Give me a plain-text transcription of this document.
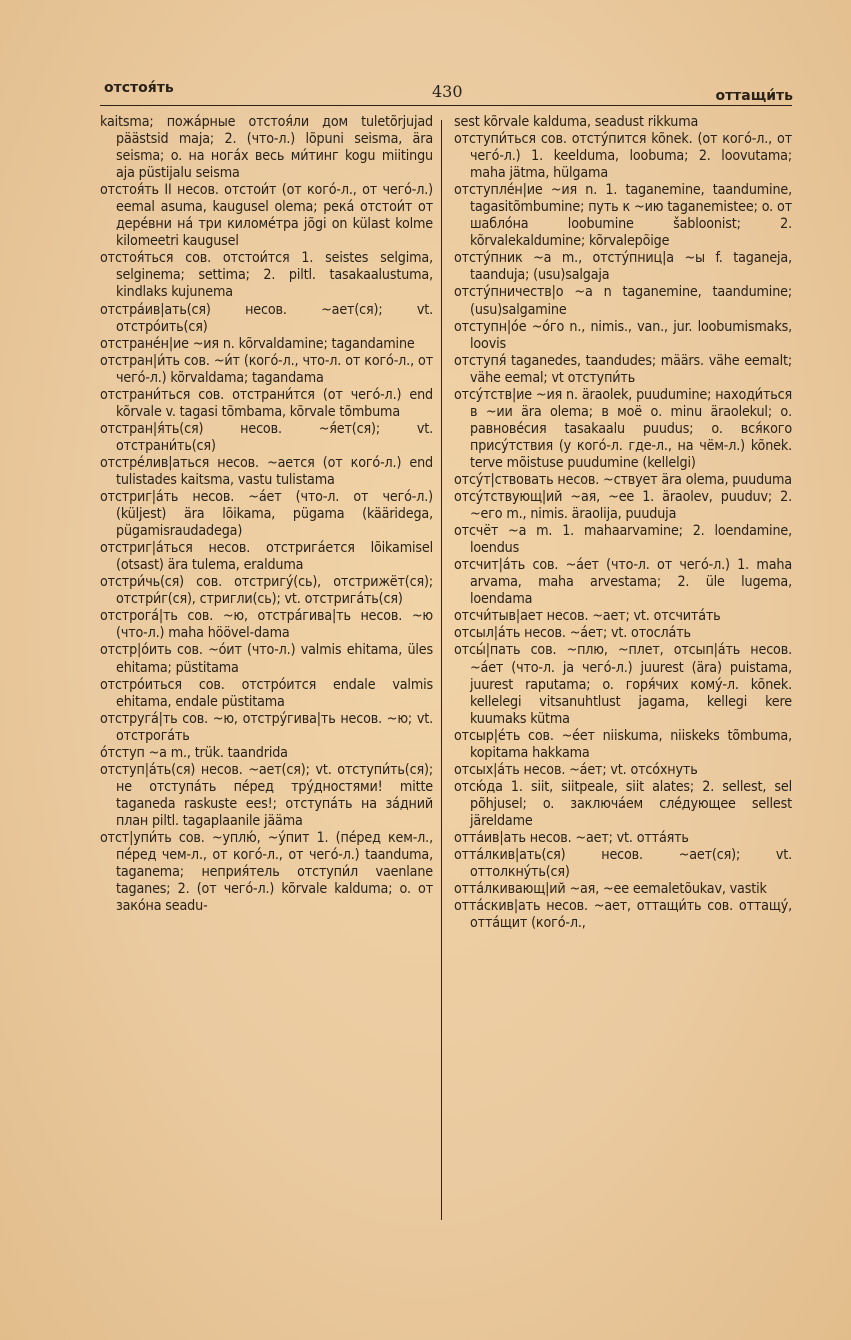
отстоя́ть	430	оттащи́ть

kaitsma; пожа́рные отстоя́ли дом tuletõrjujad päästsid maja; 2. (что-л.) lõpuni seisma, ära seisma; o. на нога́х весь ми́тинг kogu miitingu aja püstijalu seisma

отстоя́ть II несов. отстои́т (от кого́-л., от чего́-л.) eemal asuma, kaugusel olema; река́ отстои́т от дере́вни на́ три киломе́тра jõgi on külast kolme kilomeetri kaugusel

отстоя́ться сов. отстои́тся 1. seistes selgima, selginema; settima; 2. piltl. tasakaalustuma, kindlaks kujunema

отстра́ив|ать(ся) несов. ~ает(ся); vt. отстро́ить(ся)

отстране́н|ие ~ия n. kõrvaldamine; tagandamine

отстран|и́ть сов. ~и́т (кого́-л., что-л. от кого́-л., от чего́-л.) kõrvaldama; tagandama

отстрани́ться сов. отстрани́тся (от чего́-л.) end kõrvale v. tagasi tõmbama, kõrvale tõmbuma

отстран|я́ть(ся) несов. ~я́ет(ся); vt. отстрани́ть(ся)

отстре́лив|аться несов. ~ается (от кого́-л.) end tulistades kaitsma, vastu tulistama

отстриг|а́ть несов. ~а́ет (что-л. от чего́-л.) (küljest) ära lõikama, pügama (kääridega, pügamisraudadega)

отстриг|а́ться несов. отстрига́ется lõikamisel (otsast) ära tulema, eralduma

отстри́чь(ся) сов. отстригу́(сь), отстрижёт(ся); отстри́г(ся), стригли(сь); vt. отстрига́ть(ся)

отстрога́|ть сов. ~ю, отстра́гива|ть несов. ~ю (что-л.) maha höövel-dama

отстр|о́ить сов. ~о́ит (что-л.) valmis ehitama, üles ehitama; püstitama

отстро́иться сов. отстро́ится endale valmis ehitama, endale püstitama

отструга́|ть сов. ~ю, отстру́гива|ть несов. ~ю; vt. отстрога́ть

о́тступ ~а m., trük. taandrida

отступ|а́ть(ся) несов. ~ает(ся); vt. отступи́ть(ся); не отступа́ть пе́ред тру́дностями! mitte taganeda raskuste ees!; отступа́ть на за́дний план piltl. tagaplaanile jääma

отст|упи́ть сов. ~уплю́, ~у́пит 1. (пе́ред кем-л., пе́ред чем-л., от кого́-л., от чего́-л.) taanduma, taganema; неприя́тель отступи́л vaenlane taganes; 2. (от чего́-л.) kõrvale kalduma; o. от зако́на seadu-

sest kõrvale kalduma, seadust rikkuma

отступи́ться сов. отсту́пится kõnek. (от кого́-л., от чего́-л.) 1. keelduma, loobuma; 2. loovutama; maha jätma, hülgama

отступле́н|ие ~ия n. 1. taganemine, taandumine, tagasitõmbumine; путь к ~ию taganemistee; o. от шабло́на loobumine šabloonist; 2. kõrvalekaldumine; kõrvalepõige

отсту́пник ~а m., отсту́пниц|а ~ы f. taganeja, taanduja; (usu)salgaja

отсту́пничеств|о ~а n taganemine, taandumine; (usu)salgamine

отступн|о́е ~о́го n., nimis., van., jur. loobumismaks, loovis

отступя́ taganedes, taandudes; määrs. vähe eemalt; vähe eemal; vt отступи́ть

отсу́тств|ие ~ия n. äraolek, puudumine; находи́ться в ~ии ära olema; в моё о. minu äraolekul; о. равнове́сия tasakaalu puudus; o. вся́кого прису́тствия (у кого́-л. где-л., на чём-л.) kõnek. terve mõistuse puudumine (kellelgi)

отсу́т|ствовать несов. ~ствует ära olema, puuduma

отсу́тствующ|ий ~ая, ~ее 1. äraolev, puuduv; 2. ~его m., nimis. äraolija, puuduja

отсчёт ~а m. 1. mahaarvamine; 2. loendamine, loendus

отсчит|а́ть сов. ~а́ет (что-л. от чего́-л.) 1. maha arvama, maha arvestama; 2. üle lugema, loendama

отсчи́тыв|ает несов. ~ает; vt. отсчита́ть

отсыл|а́ть несов. ~а́ет; vt. отосла́ть

отсы́|пать сов. ~плю, ~плет, отсып|а́ть несов. ~а́ет (что-л. ja чего́-л.) juurest (ära) puistama, juurest raputama; o. горя́чих кому́-л. kõnek. kellelegi vitsanuhtlust jagama, kellegi kere kuumaks kütma

отсыр|е́ть сов. ~е́ет niiskuma, niiskeks tõmbuma, kopitama hakkama

отсых|а́ть несов. ~а́ет; vt. отсо́хнуть

отсю́да 1. siit, siitpeale, siit alates; 2. sellest, sel põhjusel; o. заключа́ем сле́дующее sellest järeldame

отта́ив|ать несов. ~ает; vt. отта́ять

отта́лкив|ать(ся) несов. ~ает(ся); vt. оттолкну́ть(ся)

отта́лкивающ|ий ~ая, ~ее eemaletõukav, vastik

отта́скив|ать несов. ~ает, оттащи́ть сов. оттащу́, отта́щит (кого́-л.,
